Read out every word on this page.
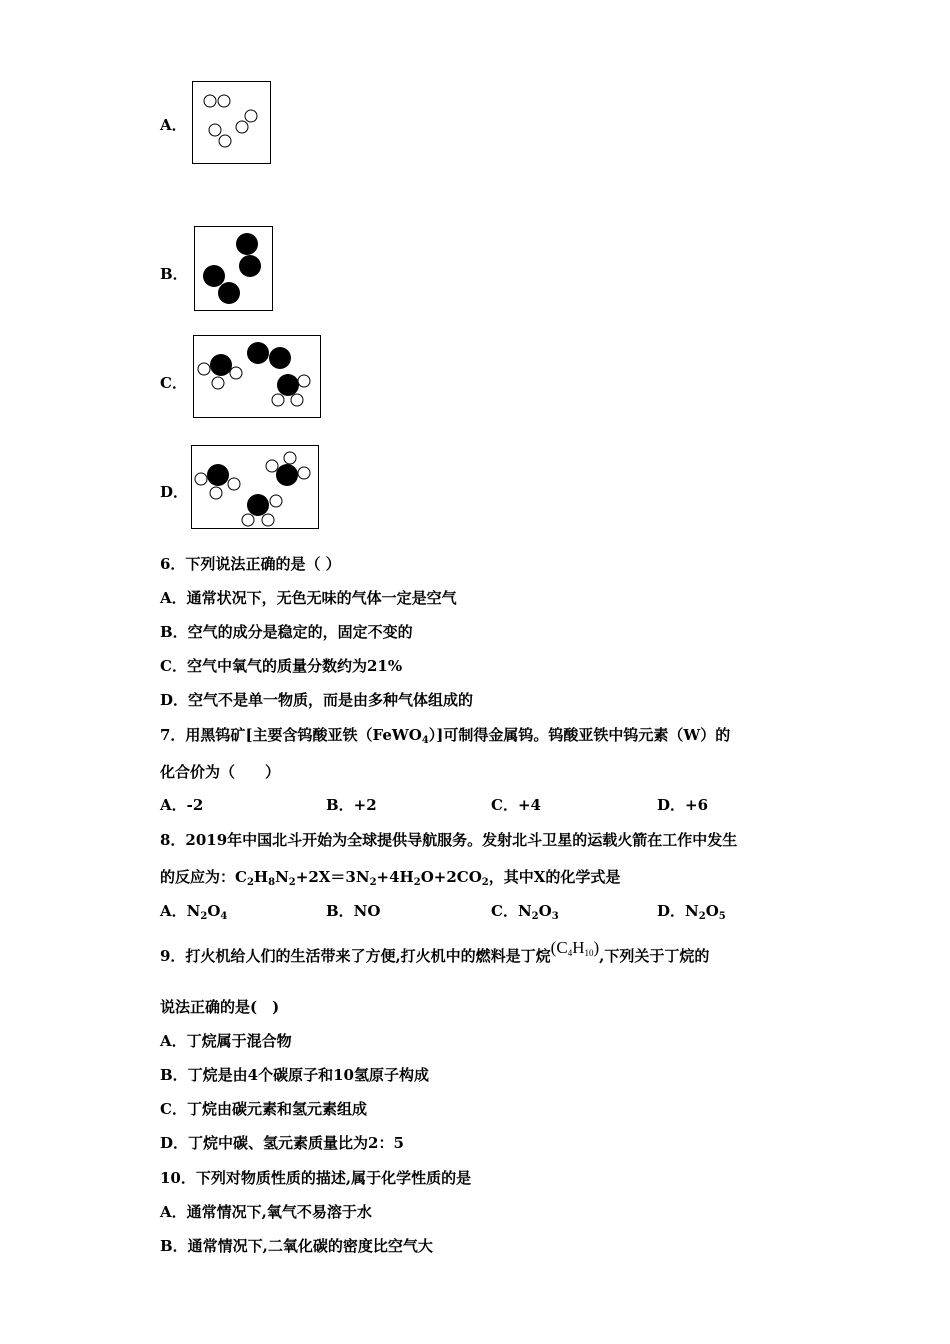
A．
B．
C．
D．
6．下列说法正确的是（ ）
A．通常状况下，无色无味的气体一定是空气
B．空气的成分是稳定的，固定不变的
C．空气中氧气的质量分数约为21%
D．空气不是单一物质，而是由多种气体组成的
7．用黑钨矿[主要含钨酸亚铁（FeWO$_4$）]可制得金属钨。钨酸亚铁中钨元素（W）的
化合价为（　　）
A．-2	B．+2	C．+4	D．+6
8．2019年中国北斗开始为全球提供导航服务。发射北斗卫星的运载火箭在工作中发生
的反应为：$C_2H_8N_2+2X=3N_2+4H_2O+2CO_2$，其中X的化学式是
A．$N_2O_4$	B．NO	C．$N_2O_3$	D．$N_2O_5$
9．打火机给人们的生活带来了方便,打火机中的燃料是丁烷$(C_4H_{10})$,下列关于丁烷的
说法正确的是(　)
A．丁烷属于混合物
B．丁烷是由4个碳原子和10氢原子构成
C．丁烷由碳元素和氢元素组成
D．丁烷中碳、氢元素质量比为2：5
10．下列对物质性质的描述,属于化学性质的是
A．通常情况下,氧气不易溶于水
B．通常情况下,二氧化碳的密度比空气大
